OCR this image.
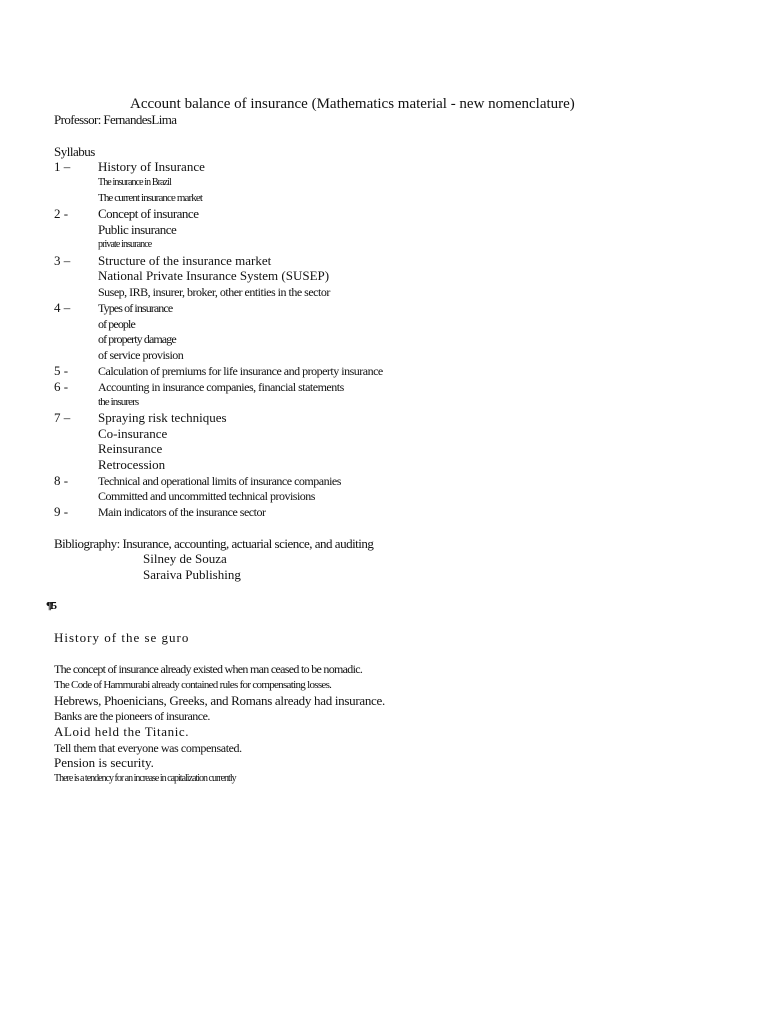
Account balance of insurance (Mathematics material - new nomenclature)
Professor: FernandesLima
Syllabus
1 – History of Insurance
The insurance in Brazil
The current insurance market
2 - Concept of insurance
Public insurance
private insurance
3 – Structure of the insurance market
National Private Insurance System (SUSEP)
Susep, IRB, insurer, broker, other entities in the sector
4 – Types of insurance
of people
of property damage
of service provision
5 - Calculation of premiums for life insurance and property insurance
6 - Accounting in insurance companies, financial statements
the insurers
7 – Spraying risk techniques
Co-insurance
Reinsurance
Retrocession
8 - Technical and operational limits of insurance companies
Committed and uncommitted technical provisions
9 - Main indicators of the insurance sector
Bibliography: Insurance, accounting, actuarial science, and auditing
Silney de Souza
Saraiva Publishing
¶15
History of the se guro
The concept of insurance already existed when man ceased to be nomadic.
The Code of Hammurabi already contained rules for compensating losses.
Hebrews, Phoenicians, Greeks, and Romans already had insurance.
Banks are the pioneers of insurance.
ALoid held the Titanic.
Tell them that everyone was compensated.
Pension is security.
There is a tendency for an increase in capitalization currently
